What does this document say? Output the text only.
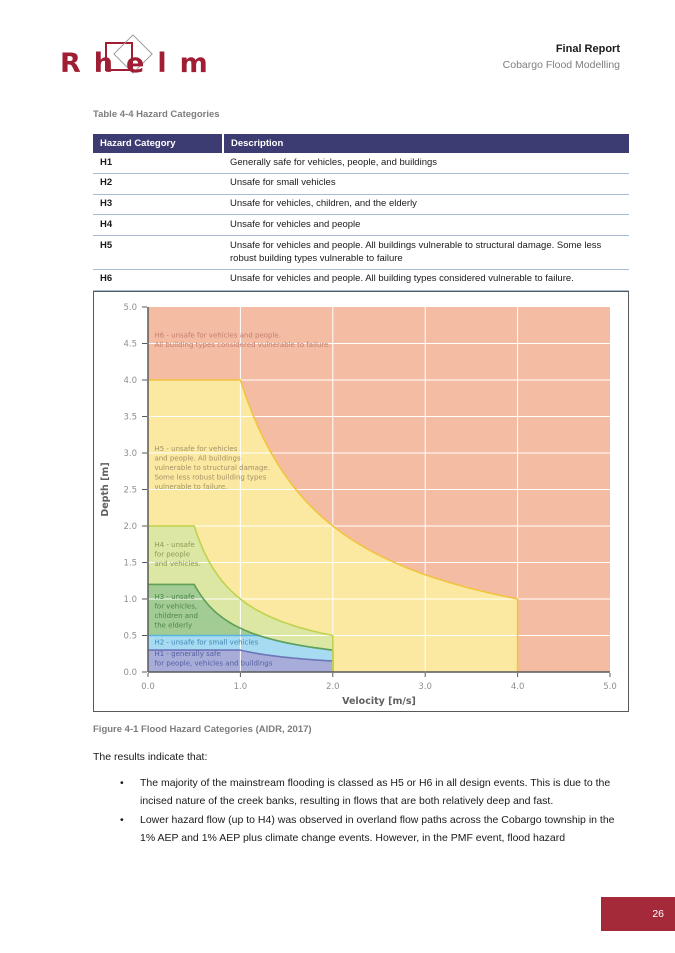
Rhelm	Final Report
Cobargo Flood Modelling
Table 4-4 Hazard Categories
Hazard Category	Description
H1	Generally safe for vehicles, people, and buildings
H2	Unsafe for small vehicles
H3	Unsafe for vehicles, children, and the elderly
H4	Unsafe for vehicles and people
H5	Unsafe for vehicles and people. All buildings vulnerable to structural damage. Some less robust building types vulnerable to failure
H6	Unsafe for vehicles and people. All building types considered vulnerable to failure.
0.0	1.0	2.0	3.0	4.0	5.0
0.0
0.5
1.0
1.5
2.0
2.5
3.0
3.5
4.0
4.5
5.0
Velocity [m/s]
Depth [m]
H6 - unsafe for vehicles and people.
All building types considered vulnerable to failure.
H5 - unsafe for vehicles
and people. All buildings
vulnerable to structural damage.
Some less robust building types
vulnerable to failure.
H4 - unsafe
for people
and vehicles.
H3 - unsafe
for vehicles,
children and
the elderly
H2 - unsafe for small vehicles
H1 - generally safe
for people, vehicles and buildings
Figure 4-1 Flood Hazard Categories (AIDR, 2017)
The results indicate that:
•	The majority of the mainstream flooding is classed as H5 or H6 in all design events. This is due to the incised nature of the creek banks, resulting in flows that are both relatively deep and fast.
•	Lower hazard flow (up to H4) was observed in overland flow paths across the Cobargo township in the 1% AEP and 1% AEP plus climate change events. However, in the PMF event, flood hazard
26
